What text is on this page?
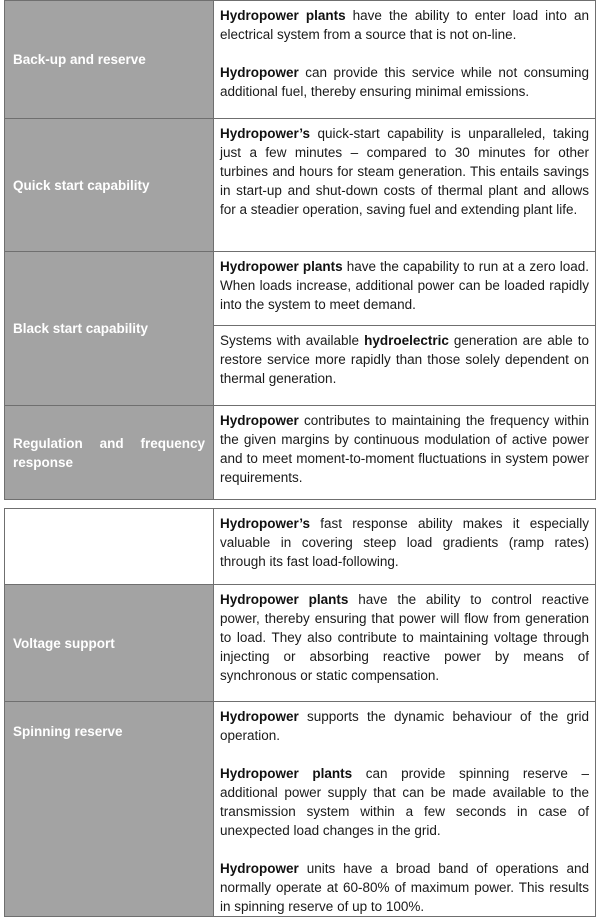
Back-up and reserve	Hydropower plants have the ability to enter load into an electrical system from a source that is not on-line.

Hydropower can provide this service while not consuming additional fuel, thereby ensuring minimal emissions.

Quick start capability	Hydropower’s quick-start capability is unparalleled, taking just a few minutes – compared to 30 minutes for other turbines and hours for steam generation. This entails savings in start-up and shut-down costs of thermal plant and allows for a steadier operation, saving fuel and extending plant life.

Black start capability	Hydropower plants have the capability to run at a zero load. When loads increase, additional power can be loaded rapidly into the system to meet demand.

	Systems with available hydroelectric generation are able to restore service more rapidly than those solely dependent on thermal generation.

Regulation and frequency
response	Hydropower contributes to maintaining the frequency within the given margins by continuous modulation of active power and to meet moment-to-moment fluctuations in system power requirements.

	Hydropower’s fast response ability makes it especially valuable in covering steep load gradients (ramp rates) through its fast load-following.

Voltage support	Hydropower plants have the ability to control reactive power, thereby ensuring that power will flow from generation to load. They also contribute to maintaining voltage through injecting or absorbing reactive power by means of synchronous or static compensation.

Spinning reserve	Hydropower supports the dynamic behaviour of the grid operation.

Hydropower plants can provide spinning reserve – additional power supply that can be made available to the transmission system within a few seconds in case of unexpected load changes in the grid.

Hydropower units have a broad band of operations and normally operate at 60-80% of maximum power. This results in spinning reserve of up to 100%.
